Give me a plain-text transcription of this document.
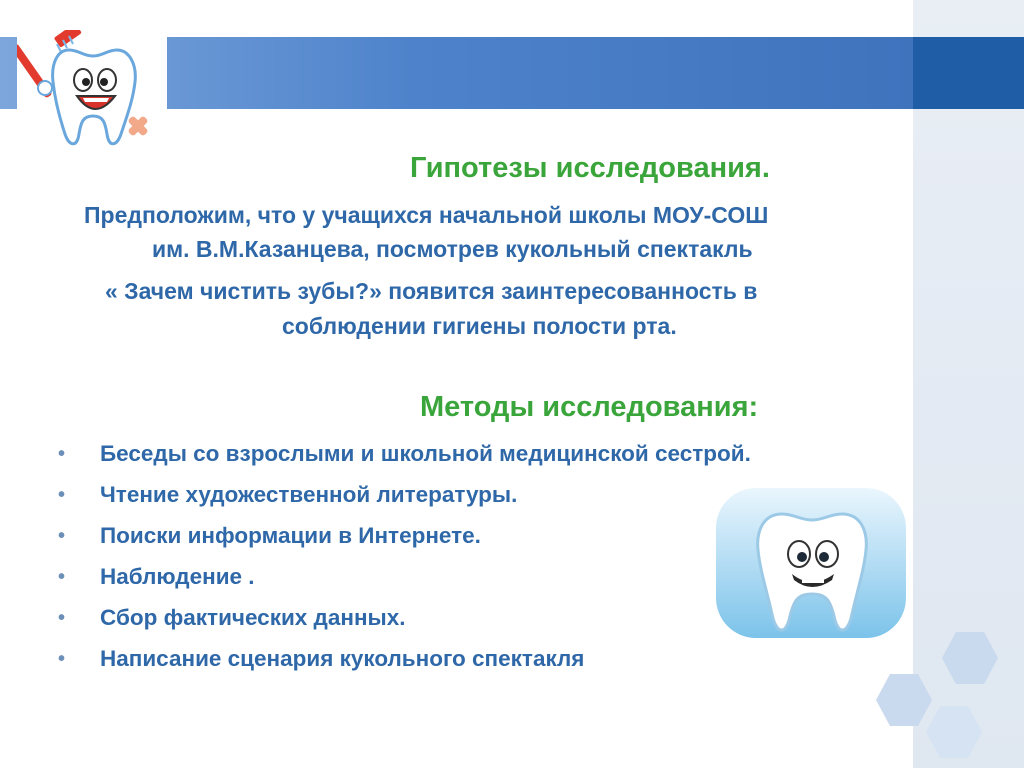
Гипотезы исследования.

Предположим, что у учащихся начальной школы МОУ-СОШ

им. В.М.Казанцева, посмотрев кукольный спектакль

« Зачем чистить зубы?» появится заинтересованность в

соблюдении гигиены полости рта.

Методы исследования:
• Беседы со взрослыми и школьной медицинской сестрой.
• Чтение художественной литературы.
• Поиски информации в Интернете.
• Наблюдение .
• Сбор фактических данных.
• Написание сценария кукольного спектакля
